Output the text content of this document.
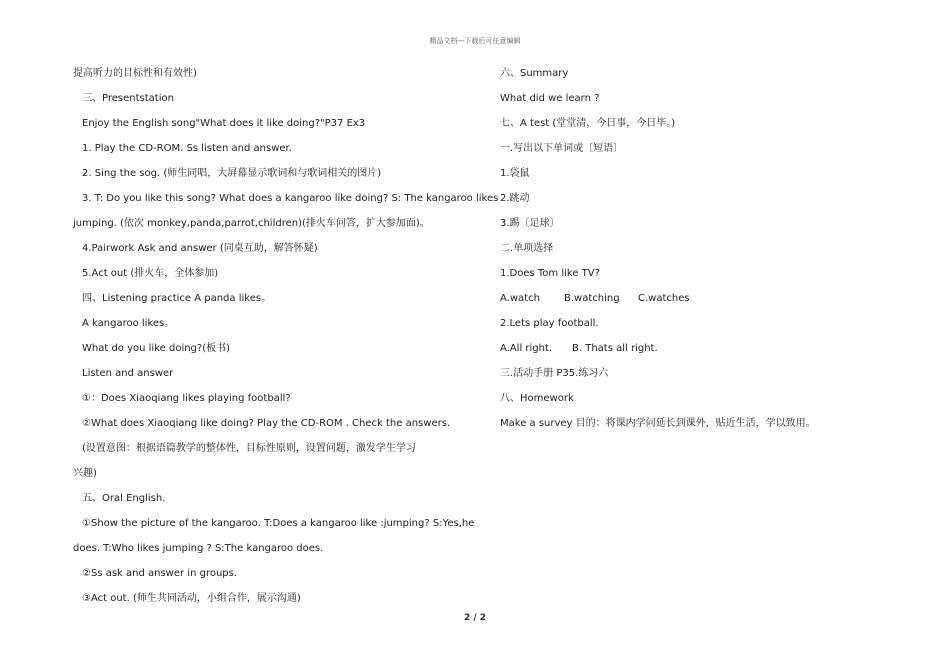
精品文档---下载后可任意编辑
提高听力的目标性和有效性)
三、Presentstation
Enjoy the English song"What does it like doing?"P37 Ex3
1. Play the CD-ROM. Ss listen and answer.
2. Sing the sog. (师生同唱，大屏幕显示歌词和与歌词相关的图片)
3. T: Do you like this song? What does a kangaroo like doing? S: The kangaroo likes
jumping. (依次 monkey,panda,parrot,children)(排火车问答，扩大参加面)。
4.Pairwork Ask and answer (同桌互助，解答怀疑)
5.Act out (排火车，全体参加)
四、Listening practice A panda likes。
A kangaroo likes。
What do you like doing?(板书)
Listen and answer
①：Does Xiaoqiang likes playing football?
②What does Xiaoqiang like doing? Play the CD-ROM . Check the answers.
(设置意图：根据语篇教学的整体性，目标性原则，设置问题，激发学生学习
兴趣)
五、Oral English.
①Show the picture of the kangaroo. T:Does a kangaroo like :jumping? S:Yes,he
does. T:Who likes jumping ? S:The kangaroo does.
②Ss ask and answer in groups.
③Act out. (师生共同活动，小组合作，展示沟通)
六、Summary
What did we learn ?
七、A test (堂堂清，今日事，今日毕。)
一.写出以下单词或〔短语〕
1.袋鼠
2.跳动
3.踢〔足球〕
二.单项选择
1.Does Tom like TV?
A.watch B.watching C.watches
2.Lets play football.
A.All right. B. Thats all right.
三.活动手册 P35.练习六
八、Homework
Make a survey 目的：将课内学问延长到课外，贴近生活，学以致用。
2 / 2
